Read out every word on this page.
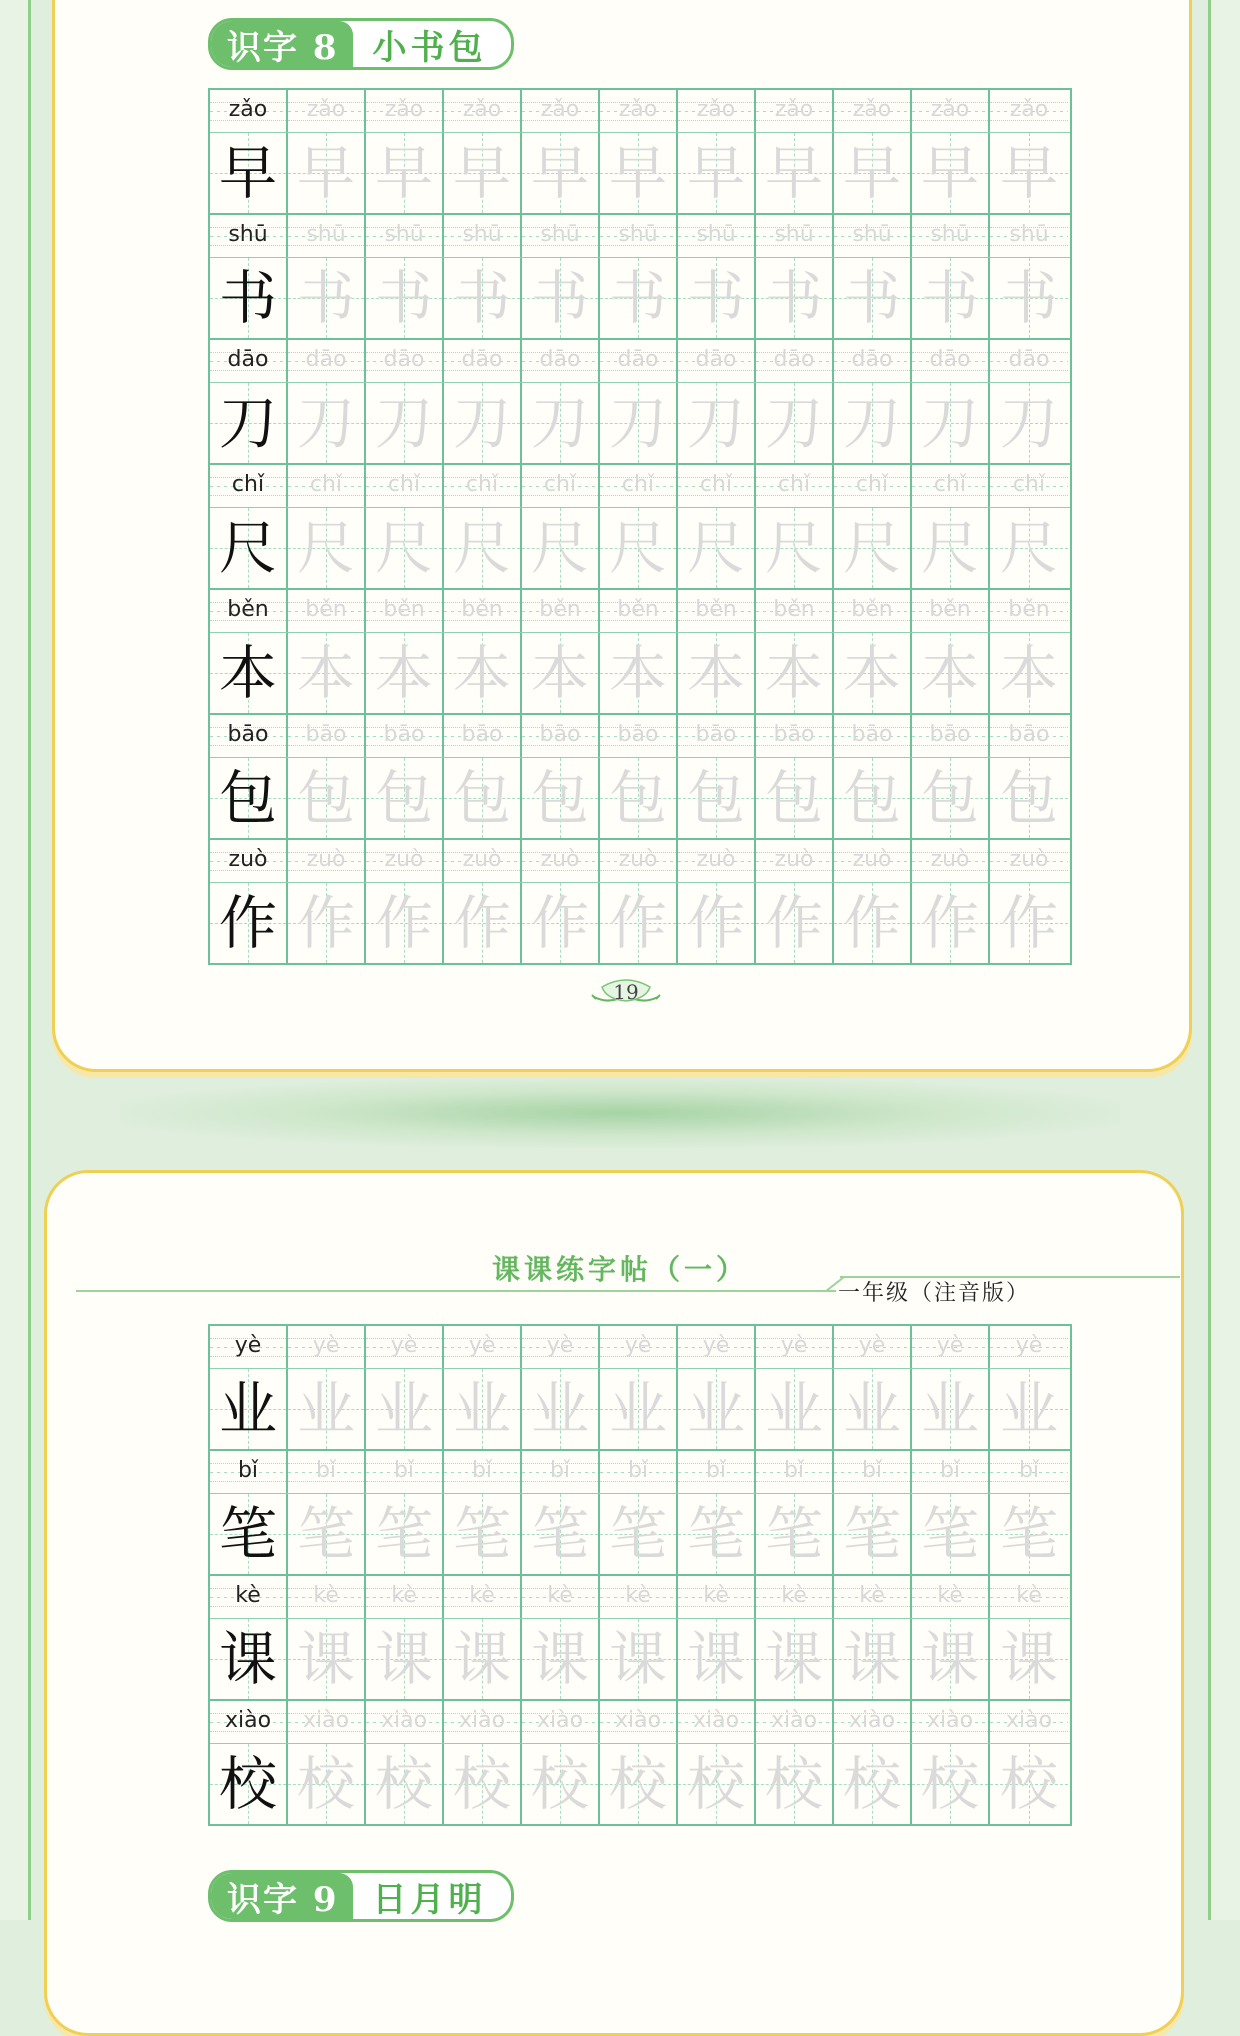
识字 8	小书包
zǎo	zǎo	zǎo	zǎo	zǎo	zǎo	zǎo	zǎo	zǎo	zǎo	zǎo
早 早 早 早 早 早 早 早 早 早 早
shū	shū	shū	shū	shū	shū	shū	shū	shū	shū	shū
书 书 书 书 书 书 书 书 书 书 书
dāo	dāo	dāo	dāo	dāo	dāo	dāo	dāo	dāo	dāo	dāo
刀 刀 刀 刀 刀 刀 刀 刀 刀 刀 刀
chǐ	chǐ	chǐ	chǐ	chǐ	chǐ	chǐ	chǐ	chǐ	chǐ	chǐ
尺 尺 尺 尺 尺 尺 尺 尺 尺 尺 尺
běn	běn	běn	běn	běn	běn	běn	běn	běn	běn	běn
本 本 本 本 本 本 本 本 本 本 本
bāo	bāo	bāo	bāo	bāo	bāo	bāo	bāo	bāo	bāo	bāo
包 包 包 包 包 包 包 包 包 包 包
zuò	zuò	zuò	zuò	zuò	zuò	zuò	zuò	zuò	zuò	zuò
作 作 作 作 作 作 作 作 作 作 作
19
课课练字帖（一）
一年级（注音版）
yè	yè	yè	yè	yè	yè	yè	yè	yè	yè	yè
业 业 业 业 业 业 业 业 业 业 业
bǐ	bǐ	bǐ	bǐ	bǐ	bǐ	bǐ	bǐ	bǐ	bǐ	bǐ
笔 笔 笔 笔 笔 笔 笔 笔 笔 笔 笔
kè	kè	kè	kè	kè	kè	kè	kè	kè	kè	kè
课 课 课 课 课 课 课 课 课 课 课
xiào	xiào	xiào	xiào	xiào	xiào	xiào	xiào	xiào	xiào	xiào
校 校 校 校 校 校 校 校 校 校 校
识字 9	日月明
